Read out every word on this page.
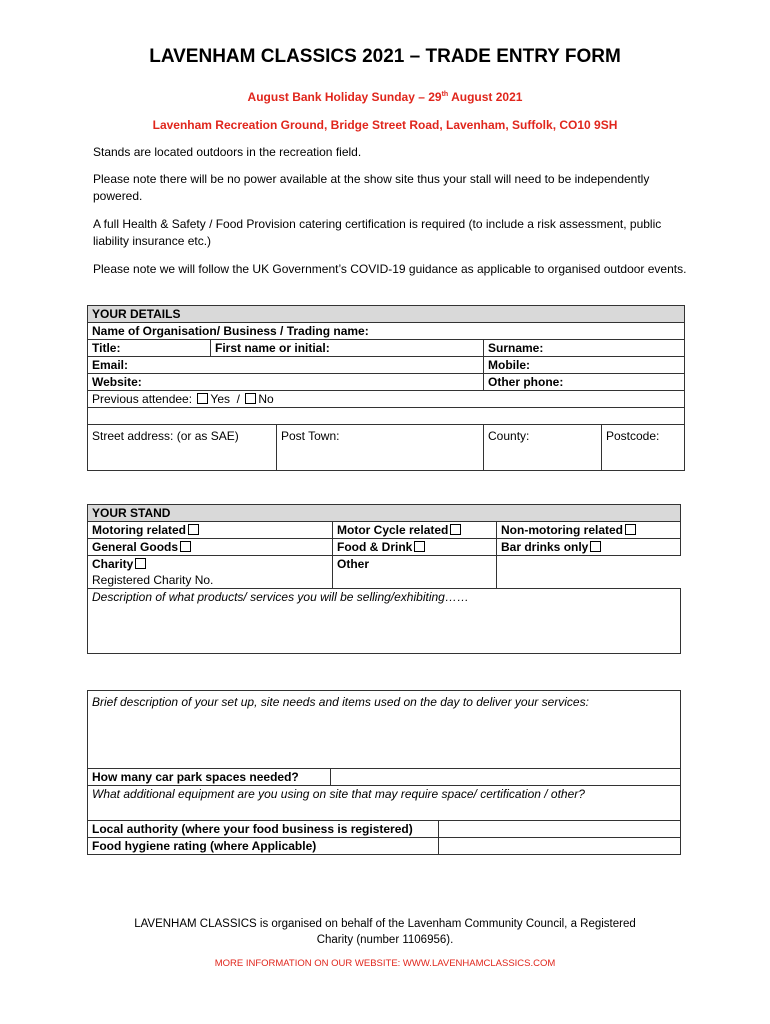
LAVENHAM CLASSICS 2021 – TRADE ENTRY FORM
August Bank Holiday Sunday – 29th August 2021
Lavenham Recreation Ground, Bridge Street Road, Lavenham, Suffolk, CO10 9SH
Stands are located outdoors in the recreation field.
Please note there will be no power available at the show site thus your stall will need to be independently powered.
A full Health & Safety / Food Provision catering certification is required (to include a risk assessment, public liability insurance etc.)
Please note we will follow the UK Government’s COVID-19 guidance as applicable to organised outdoor events.
YOUR DETAILS				
Name of Organisation/ Business / Trading name:				
Title:	First name or initial:		Surname:	
Email:			Mobile:	
Website:			Other phone:	
Previous attendee: Yes / No				

Street address: (or as SAE)		Post Town:	County:	Postcode:
YOUR STAND		
Motoring related	Motor Cycle related	Non-motoring related
General Goods	Food & Drink	Bar drinks only
Charity
Registered Charity No.	Other	
Description of what products/ services you will be selling/exhibiting……		
Brief description of your set up, site needs and items used on the day to deliver your services:		
How many car park spaces needed?		
What additional equipment are you using on site that may require space/ certification / other?		
Local authority (where your food business is registered)		
Food hygiene rating (where Applicable)		
LAVENHAM CLASSICS is organised on behalf of the Lavenham Community Council, a Registered
Charity (number 1106956).
MORE INFORMATION ON OUR WEBSITE: WWW.LAVENHAMCLASSICS.COM
